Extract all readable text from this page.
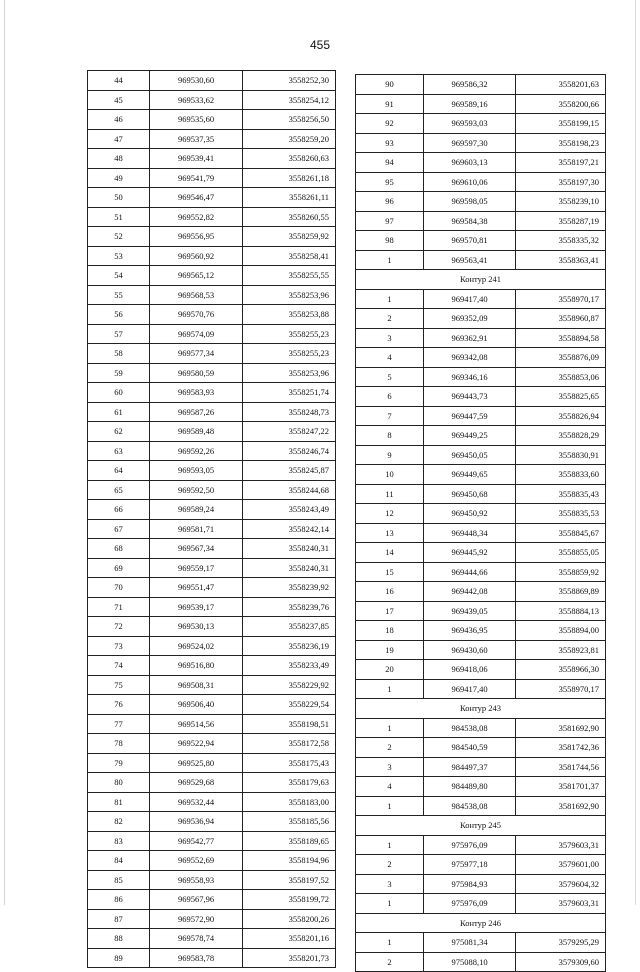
455
44	969530,60	3558252,30
45	969533,62	3558254,12
46	969535,60	3558256,50
47	969537,35	3558259,20
48	969539,41	3558260,63
49	969541,79	3558261,18
50	969546,47	3558261,11
51	969552,82	3558260,55
52	969556,95	3558259,92
53	969560,92	3558258,41
54	969565,12	3558255,55
55	969568,53	3558253,96
56	969570,76	3558253,88
57	969574,09	3558255,23
58	969577,34	3558255,23
59	969580,59	3558253,96
60	969583,93	3558251,74
61	969587,26	3558248,73
62	969589,48	3558247,22
63	969592,26	3558246,74
64	969593,05	3558245,87
65	969592,50	3558244,68
66	969589,24	3558243,49
67	969581,71	3558242,14
68	969567,34	3558240,31
69	969559,17	3558240,31
70	969551,47	3558239,92
71	969539,17	3558239,76
72	969530,13	3558237,85
73	969524,02	3558236,19
74	969516,80	3558233,49
75	969508,31	3558229,92
76	969506,40	3558229,54
77	969514,56	3558198,51
78	969522,94	3558172,58
79	969525,80	3558175,43
80	969529,68	3558179,63
81	969532,44	3558183,00
82	969536,94	3558185,56
83	969542,77	3558189,65
84	969552,69	3558194,96
85	969558,93	3558197,52
86	969567,96	3558199,72
87	969572,90	3558200,26
88	969578,74	3558201,16
89	969583,78	3558201,73
90	969586,32	3558201,63
91	969589,16	3558200,66
92	969593,03	3558199,15
93	969597,30	3558198,23
94	969603,13	3558197,21
95	969610,06	3558197,30
96	969598,05	3558239,10
97	969584,38	3558287,19
98	969570,81	3558335,32
1	969563,41	3558363,41
Контур 241		
1	969417,40	3558970,17
2	969352,09	3558960,87
3	969362,91	3558894,58
4	969342,08	3558876,09
5	969346,16	3558853,06
6	969443,73	3558825,65
7	969447,59	3558826,94
8	969449,25	3558828,29
9	969450,05	3558830,91
10	969449,65	3558833,60
11	969450,68	3558835,43
12	969450,92	3558835,53
13	969448,34	3558845,67
14	969445,92	3558855,05
15	969444,66	3558859,92
16	969442,08	3558869,89
17	969439,05	3558884,13
18	969436,95	3558894,00
19	969430,60	3558923,81
20	969418,06	3558966,30
1	969417,40	3558970,17
Контур 243		
1	984538,08	3581692,90
2	984540,59	3581742,36
3	984497,37	3581744,56
4	984489,80	3581701,37
1	984538,08	3581692,90
Контур 245		
1	975976,09	3579603,31
2	975977,18	3579601,00
3	975984,93	3579604,32
1	975976,09	3579603,31
Контур 246		
1	975081,34	3579295,29
2	975088,10	3579309,60
